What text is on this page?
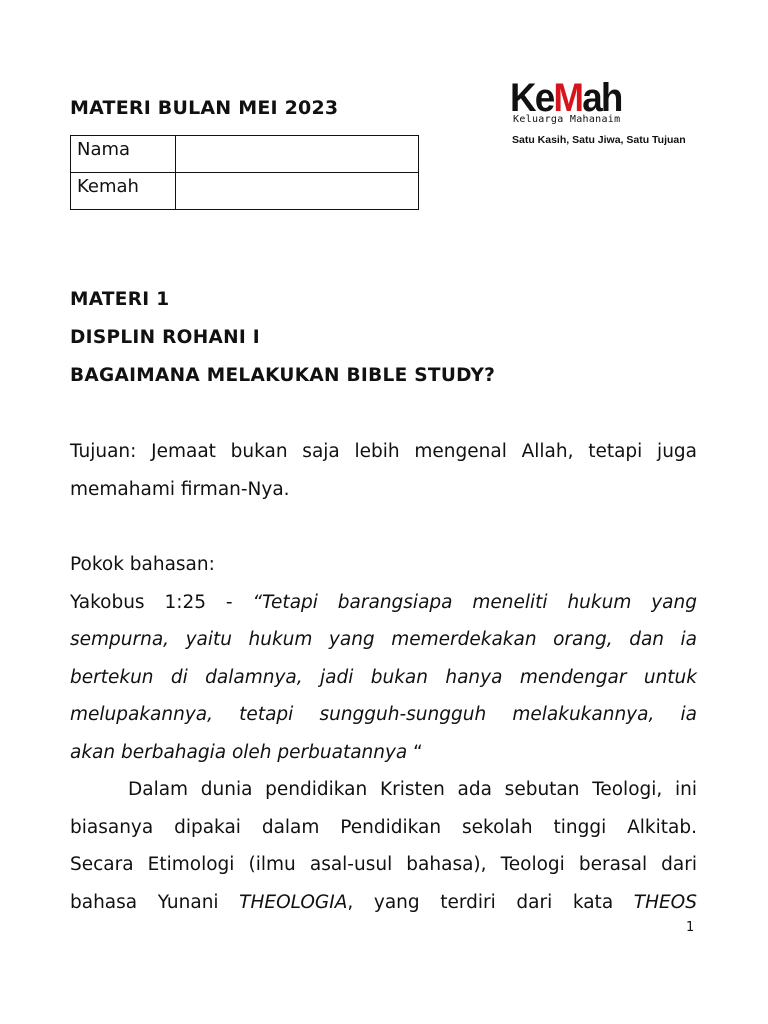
MATERI BULAN MEI 2023	KeMah
Keluarga Mahanaim
Satu Kasih, Satu Jiwa, Satu Tujuan
Nama	
Kemah	
MATERI 1
DISPLIN ROHANI I
BAGAIMANA MELAKUKAN BIBLE STUDY?
Tujuan: Jemaat bukan saja lebih mengenal Allah, tetapi juga
memahami firman-Nya.
Pokok bahasan:
Yakobus 1:25 - “Tetapi barangsiapa meneliti hukum yang
sempurna, yaitu hukum yang memerdekakan orang, dan ia
bertekun di dalamnya, jadi bukan hanya mendengar untuk
melupakannya, tetapi sungguh-sungguh melakukannya, ia
akan berbahagia oleh perbuatannya “
Dalam dunia pendidikan Kristen ada sebutan Teologi, ini
biasanya dipakai dalam Pendidikan sekolah tinggi Alkitab.
Secara Etimologi (ilmu asal-usul bahasa), Teologi berasal dari
bahasa Yunani THEOLOGIA, yang terdiri dari kata THEOS
1
